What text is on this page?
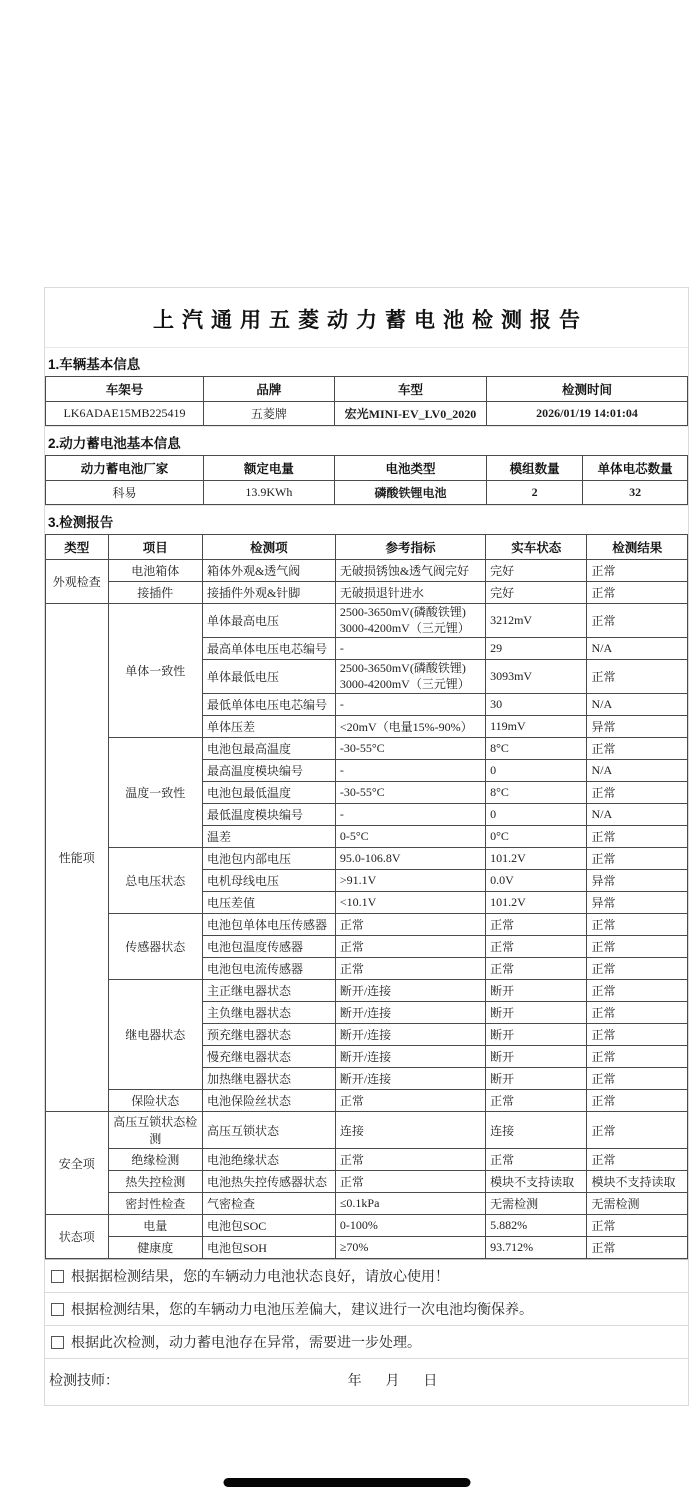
上汽通用五菱动力蓄电池检测报告
1.车辆基本信息
车架号	品牌	车型	检测时间
LK6ADAE15MB225419	五菱牌	宏光MINI-EV_LV0_2020	2026/01/19 14:01:04
2.动力蓄电池基本信息
动力蓄电池厂家	额定电量	电池类型	模组数量	单体电芯数量
科易	13.9KWh	磷酸铁锂电池	2	32
3.检测报告
类型	项目	检测项	参考指标	实车状态	检测结果
外观检查	电池箱体	箱体外观&透气阀	无破损锈蚀&透气阀完好	完好	正常
	接插件	接插件外观&针脚	无破损退针进水	完好	正常
性能项	单体一致性	单体最高电压	2500-3650mV(磷酸铁锂)
3000-4200mV（三元锂）	3212mV	正常
		最高单体电压电芯编号	-	29	N/A
		单体最低电压	2500-3650mV(磷酸铁锂)
3000-4200mV（三元锂）	3093mV	正常
		最低单体电压电芯编号	-	30	N/A
		单体压差	<20mV（电量15%-90%）	119mV	异常
	温度一致性	电池包最高温度	-30-55°C	8°C	正常
		最高温度模块编号	-	0	N/A
		电池包最低温度	-30-55°C	8°C	正常
		最低温度模块编号	-	0	N/A
		温差	0-5°C	0°C	正常
	总电压状态	电池包内部电压	95.0-106.8V	101.2V	正常
		电机母线电压	>91.1V	0.0V	异常
		电压差值	<10.1V	101.2V	异常
	传感器状态	电池包单体电压传感器	正常	正常	正常
		电池包温度传感器	正常	正常	正常
		电池包电流传感器	正常	正常	正常
	继电器状态	主正继电器状态	断开/连接	断开	正常
		主负继电器状态	断开/连接	断开	正常
		预充继电器状态	断开/连接	断开	正常
		慢充继电器状态	断开/连接	断开	正常
		加热继电器状态	断开/连接	断开	正常
	保险状态	电池保险丝状态	正常	正常	正常
安全项	高压互锁状态检测	高压互锁状态	连接	连接	正常
	绝缘检测	电池绝缘状态	正常	正常	正常
	热失控检测	电池热失控传感器状态	正常	模块不支持读取	模块不支持读取
	密封性检查	气密检查	≤0.1kPa	无需检测	无需检测
状态项	电量	电池包SOC	0-100%	5.882%	正常
	健康度	电池包SOH	≥70%	93.712%	正常
根据据检测结果，您的车辆动力电池状态良好，请放心使用！
根据检测结果，您的车辆动力电池压差偏大，建议进行一次电池均衡保养。
根据此次检测，动力蓄电池存在异常，需要进一步处理。
检测技师：	年 月 日
